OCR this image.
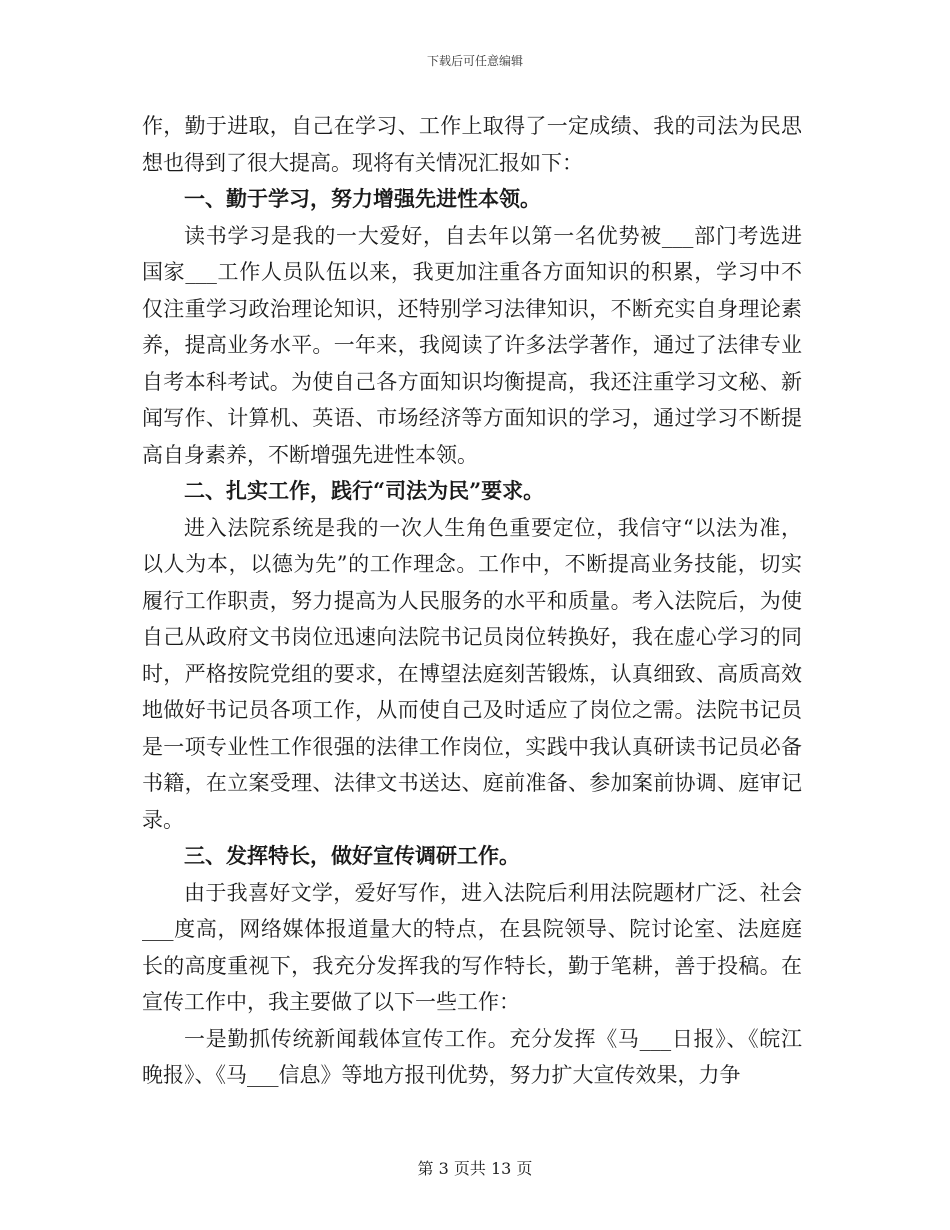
下载后可任意编辑

作，勤于进取，自己在学习、工作上取得了一定成绩、我的司法为民思想也得到了很大提高。现将有关情况汇报如下：

一、勤于学习，努力增强先进性本领。

读书学习是我的一大爱好，自去年以第一名优势被___部门考选进国家___工作人员队伍以来，我更加注重各方面知识的积累，学习中不仅注重学习政治理论知识，还特别学习法律知识，不断充实自身理论素养，提高业务水平。一年来，我阅读了许多法学著作，通过了法律专业自考本科考试。为使自己各方面知识均衡提高，我还注重学习文秘、新闻写作、计算机、英语、市场经济等方面知识的学习，通过学习不断提高自身素养，不断增强先进性本领。

二、扎实工作，践行“司法为民”要求。

进入法院系统是我的一次人生角色重要定位，我信守“以法为准，以人为本，以德为先”的工作理念。工作中，不断提高业务技能，切实履行工作职责，努力提高为人民服务的水平和质量。考入法院后，为使自己从政府文书岗位迅速向法院书记员岗位转换好，我在虚心学习的同时，严格按院党组的要求，在博望法庭刻苦锻炼，认真细致、高质高效地做好书记员各项工作，从而使自己及时适应了岗位之需。法院书记员是一项专业性工作很强的法律工作岗位，实践中我认真研读书记员必备书籍，在立案受理、法律文书送达、庭前准备、参加案前协调、庭审记录。

三、发挥特长，做好宣传调研工作。

由于我喜好文学，爱好写作，进入法院后利用法院题材广泛、社会___度高，网络媒体报道量大的特点，在县院领导、院讨论室、法庭庭长的高度重视下，我充分发挥我的写作特长，勤于笔耕，善于投稿。在宣传工作中，我主要做了以下一些工作：

一是勤抓传统新闻载体宣传工作。充分发挥《马___日报》、《皖江晚报》、《马___信息》等地方报刊优势，努力扩大宣传效果，力争

第 3 页共 13 页
